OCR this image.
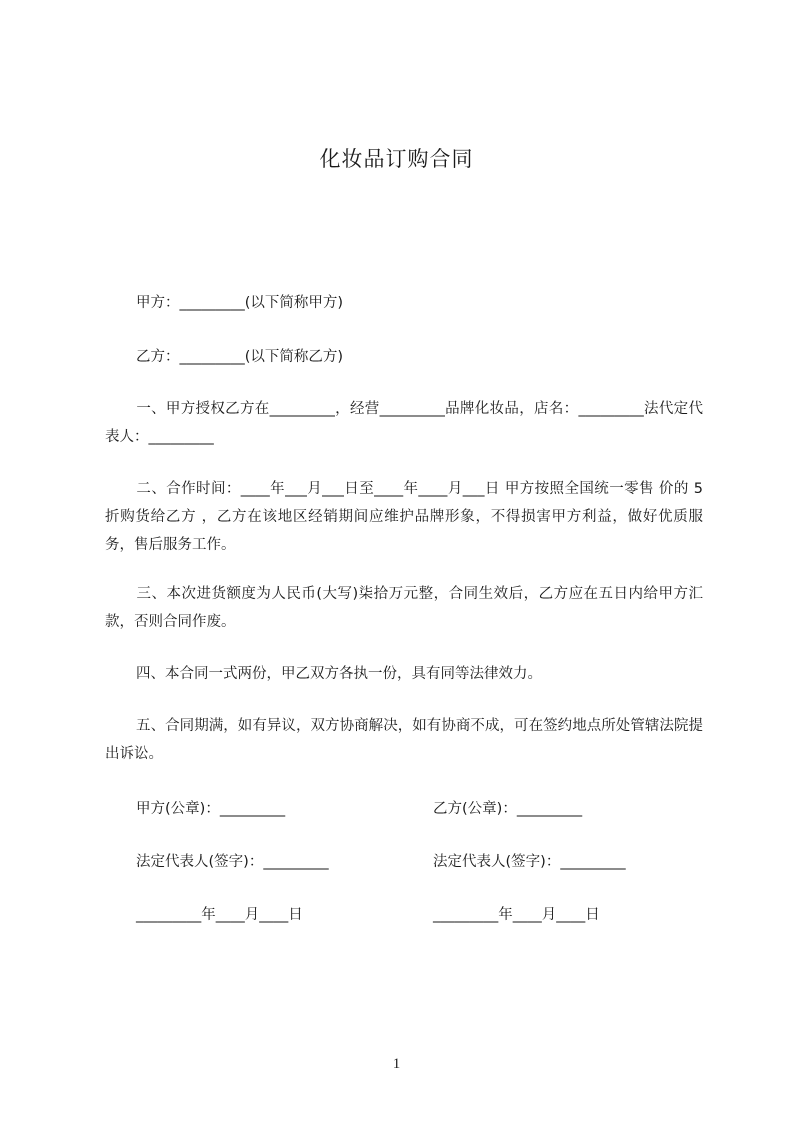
化妆品订购合同

甲方：_________(以下简称甲方)

乙方：_________(以下简称乙方)

一、甲方授权乙方在_________，经营_________品牌化妆品，店名：_________法代定代表人：_________

二、合作时间：____年___月___日至____年____月___日 甲方按照全国统一零售 价的 5 折购货给乙方 ，乙方在该地区经销期间应维护品牌形象，不得损害甲方利益，做好优质服务，售后服务工作。

三、本次进货额度为人民币(大写)柒拾万元整，合同生效后，乙方应在五日内给甲方汇款，否则合同作废。

四、本合同一式两份，甲乙双方各执一份，具有同等法律效力。

五、合同期满，如有异议，双方协商解决，如有协商不成，可在签约地点所处管辖法院提出诉讼。

甲方(公章)：_________	乙方(公章)：_________

法定代表人(签字)：_________	法定代表人(签字)：_________

_________年____月____日	_________年____月____日

1
